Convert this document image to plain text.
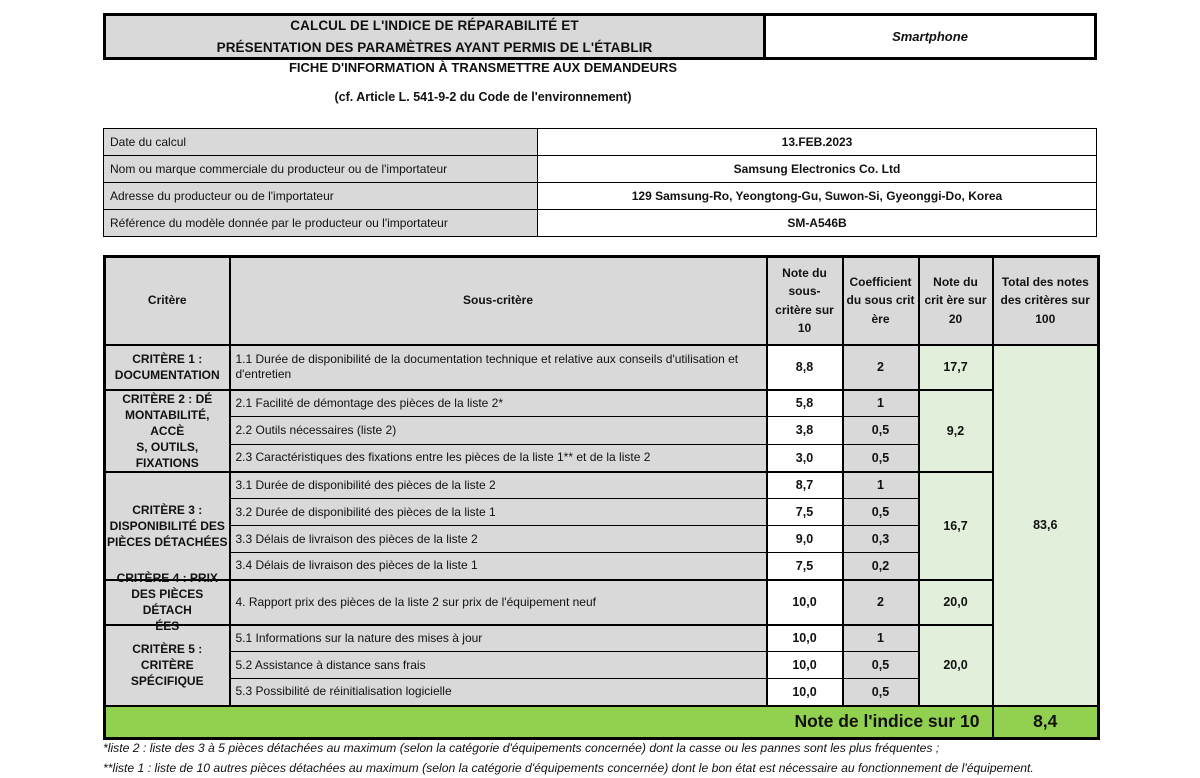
CALCUL DE L'INDICE DE RÉPARABILITÉ ET
PRÉSENTATION DES PARAMÈTRES AYANT PERMIS DE L'ÉTABLIR
Smartphone
FICHE D'INFORMATION À TRANSMETTRE AUX DEMANDEURS
(cf. Article L. 541-9-2 du Code de l'environnement)
Date du calcul	13.FEB.2023
Nom ou marque commerciale du producteur ou de l'importateur	Samsung Electronics Co. Ltd
Adresse du producteur ou de l'importateur	129 Samsung-Ro, Yeongtong-Gu, Suwon-Si, Gyeonggi-Do, Korea
Référence du modèle donnée par le producteur ou l'importateur	SM-A546B
Critère	Sous-critère	Note du sous-critère sur 10	Coefficient du sous crit ère	Note du crit ère sur 20	Total des notes des critères sur 100

CRITÈRE 1 :
DOCUMENTATION	1.1 Durée de disponibilité de la documentation technique et relative aux conseils d'utilisation et d'entretien	8,8	2	17,7	83,6

CRITÈRE 2 : DÉ
MONTABILITÉ, ACCÈ
S, OUTILS,
FIXATIONS	2.1 Facilité de démontage des pièces de la liste 2*	5,8	1	9,2	
	2.2 Outils nécessaires (liste 2)	3,8	0,5		
	2.3 Caractéristiques des fixations entre les pièces de la liste 1** et de la liste 2	3,0	0,5		

CRITÈRE 3 :
DISPONIBILITÉ DES
PIÈCES DÉTACHÉES	3.1 Durée de disponibilité des pièces de la liste 2	8,7	1	16,7	
	3.2 Durée de disponibilité des pièces de la liste 1	7,5	0,5		
	3.3 Délais de livraison des pièces de la liste 2	9,0	0,3		
	3.4 Délais de livraison des pièces de la liste 1	7,5	0,2		

CRITÈRE 4 : PRIX
DES PIÈCES DÉTACH
ÉES	4. Rapport prix des pièces de la liste 2 sur prix de l'équipement neuf	10,0	2	20,0	

CRITÈRE 5 : CRITÈRE
SPÉCIFIQUE	5.1 Informations sur la nature des mises à jour	10,0	1	20,0	
	5.2 Assistance à distance sans frais	10,0	0,5		
	5.3 Possibilité de réinitialisation logicielle	10,0	0,5		
Note de l'indice sur 10					8,4
*liste 2 : liste des 3 à 5 pièces détachées au maximum (selon la catégorie d'équipements concernée) dont la casse ou les pannes sont les plus fréquentes ;
**liste 1 : liste de 10 autres pièces détachées au maximum (selon la catégorie d'équipements concernée) dont le bon état est nécessaire au fonctionnement de l'équipement.
